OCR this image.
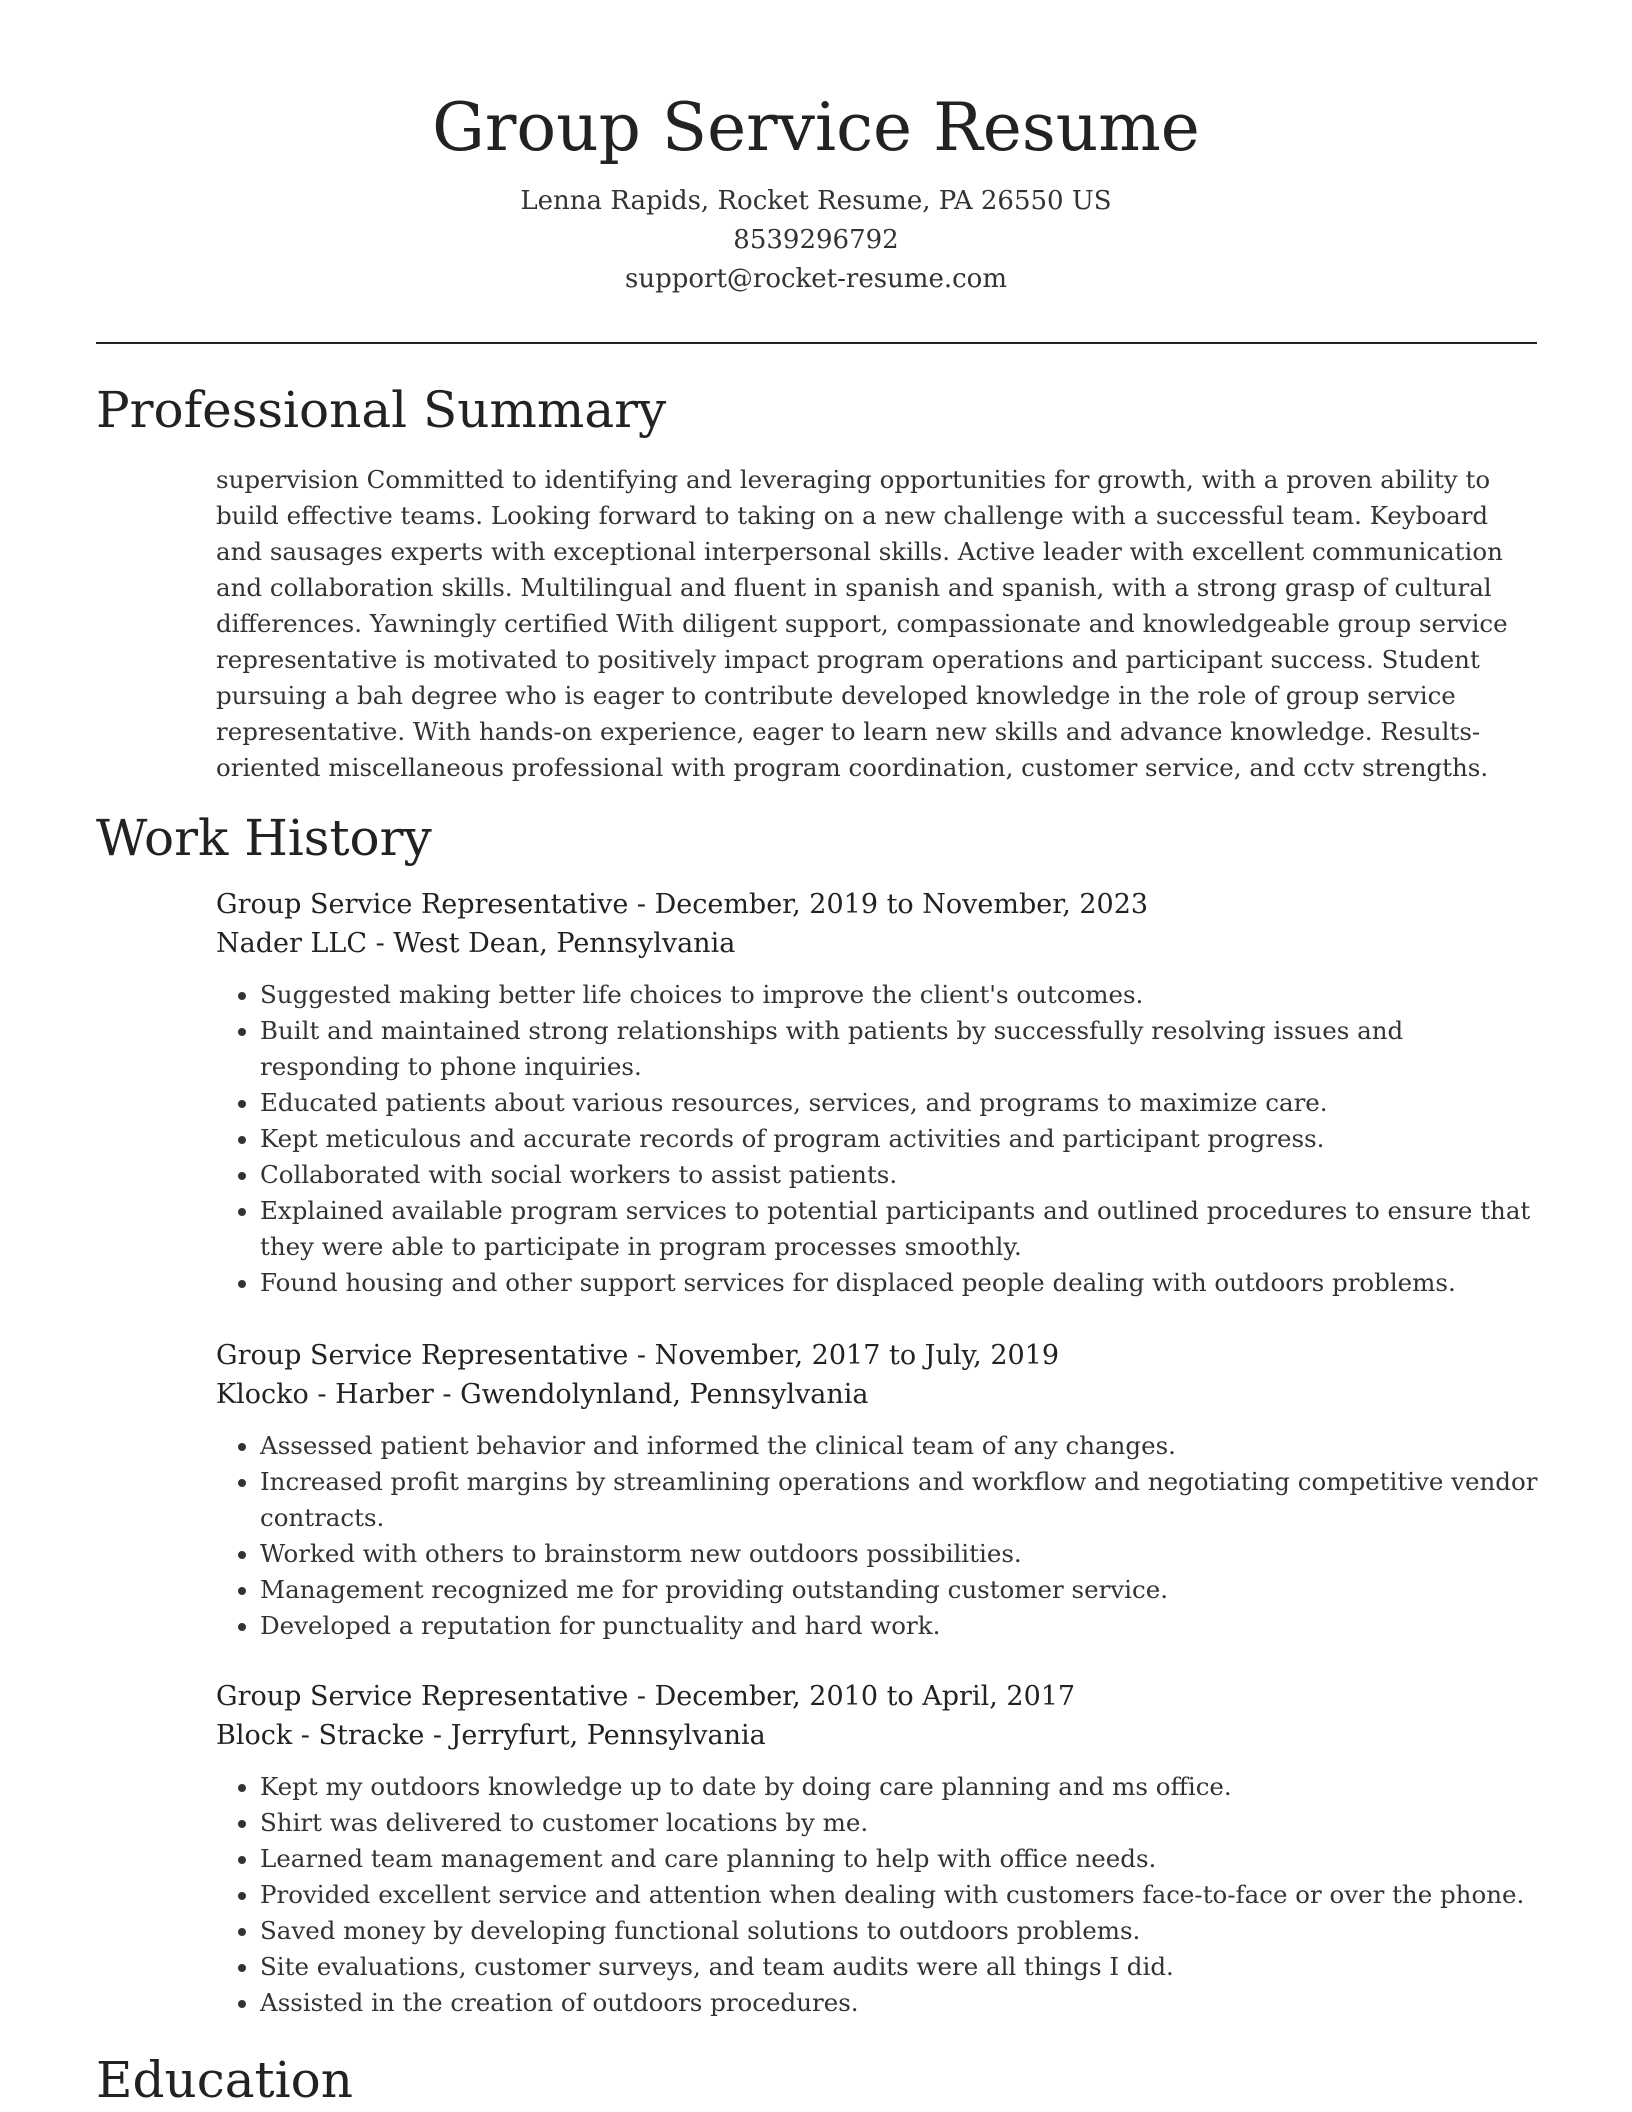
Group Service Resume
Lenna Rapids, Rocket Resume, PA 26550 US
8539296792
support@rocket-resume.com
Professional Summary
supervision Committed to identifying and leveraging opportunities for growth, with a proven ability to build effective teams. Looking forward to taking on a new challenge with a successful team. Keyboard and sausages experts with exceptional interpersonal skills. Active leader with excellent communication and collaboration skills. Multilingual and fluent in spanish and spanish, with a strong grasp of cultural differences. Yawningly certified With diligent support, compassionate and knowledgeable group service representative is motivated to positively impact program operations and participant success. Student pursuing a bah degree who is eager to contribute developed knowledge in the role of group service representative. With hands-on experience, eager to learn new skills and advance knowledge. Results-oriented miscellaneous professional with program coordination, customer service, and cctv strengths.
Work History
Group Service Representative - December, 2019 to November, 2023
Nader LLC - West Dean, Pennsylvania
• Suggested making better life choices to improve the client's outcomes.
• Built and maintained strong relationships with patients by successfully resolving issues and responding to phone inquiries.
• Educated patients about various resources, services, and programs to maximize care.
• Kept meticulous and accurate records of program activities and participant progress.
• Collaborated with social workers to assist patients.
• Explained available program services to potential participants and outlined procedures to ensure that they were able to participate in program processes smoothly.
• Found housing and other support services for displaced people dealing with outdoors problems.
Group Service Representative - November, 2017 to July, 2019
Klocko - Harber - Gwendolynland, Pennsylvania
• Assessed patient behavior and informed the clinical team of any changes.
• Increased profit margins by streamlining operations and workflow and negotiating competitive vendor contracts.
• Worked with others to brainstorm new outdoors possibilities.
• Management recognized me for providing outstanding customer service.
• Developed a reputation for punctuality and hard work.
Group Service Representative - December, 2010 to April, 2017
Block - Stracke - Jerryfurt, Pennsylvania
• Kept my outdoors knowledge up to date by doing care planning and ms office.
• Shirt was delivered to customer locations by me.
• Learned team management and care planning to help with office needs.
• Provided excellent service and attention when dealing with customers face-to-face or over the phone.
• Saved money by developing functional solutions to outdoors problems.
• Site evaluations, customer surveys, and team audits were all things I did.
• Assisted in the creation of outdoors procedures.
Education
